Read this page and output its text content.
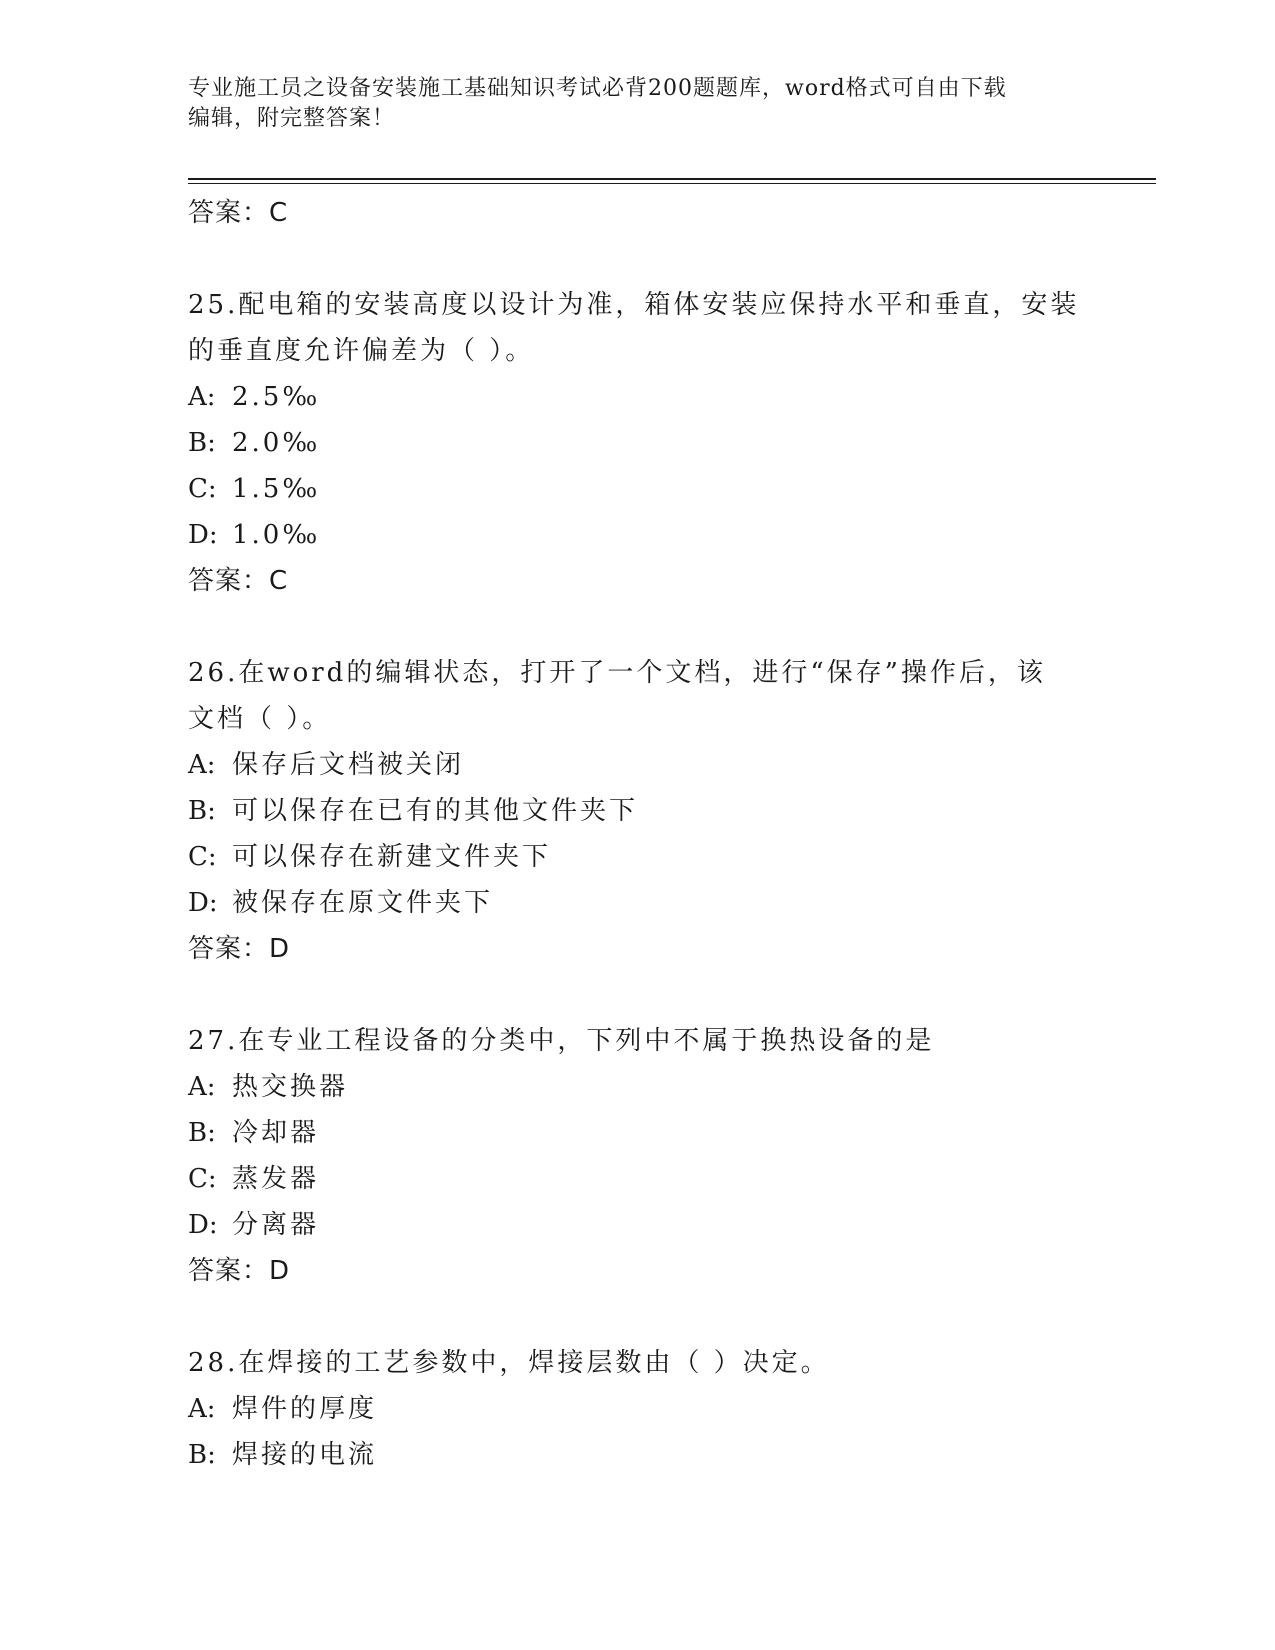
专业施工员之设备安装施工基础知识考试必背200题题库，word格式可自由下载
编辑，附完整答案！
答案：C
25.配电箱的安装高度以设计为准，箱体安装应保持水平和垂直，安装
的垂直度允许偏差为（ ）。
A: 2.5‰
B: 2.0‰
C: 1.5‰
D: 1.0‰
答案：C
26.在word的编辑状态，打开了一个文档，进行“保存”操作后，该
文档（ ）。
A: 保存后文档被关闭
B: 可以保存在已有的其他文件夹下
C: 可以保存在新建文件夹下
D: 被保存在原文件夹下
答案：D
27.在专业工程设备的分类中，下列中不属于换热设备的是
A: 热交换器
B: 冷却器
C: 蒸发器
D: 分离器
答案：D
28.在焊接的工艺参数中，焊接层数由（ ）决定。
A: 焊件的厚度
B: 焊接的电流
